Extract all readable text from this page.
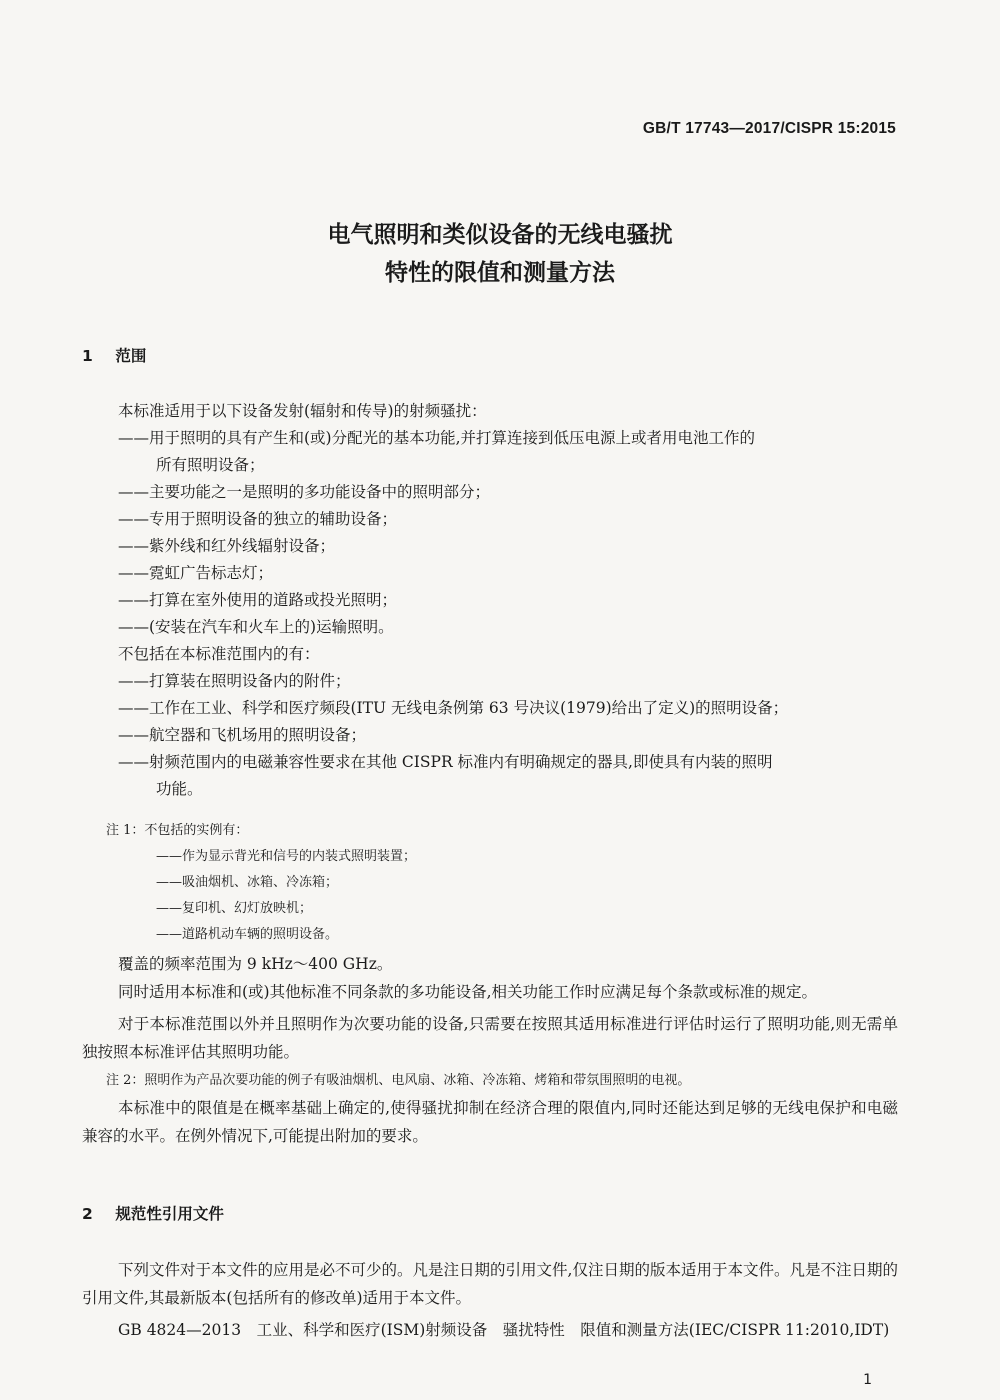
GB/T 17743—2017/CISPR 15:2015
电气照明和类似设备的无线电骚扰
特性的限值和测量方法
1 范围
本标准适用于以下设备发射(辐射和传导)的射频骚扰：
——用于照明的具有产生和(或)分配光的基本功能,并打算连接到低压电源上或者用电池工作的
所有照明设备；
——主要功能之一是照明的多功能设备中的照明部分；
——专用于照明设备的独立的辅助设备；
——紫外线和红外线辐射设备；
——霓虹广告标志灯；
——打算在室外使用的道路或投光照明；
——(安装在汽车和火车上的)运输照明。
不包括在本标准范围内的有：
——打算装在照明设备内的附件；
——工作在工业、科学和医疗频段(ITU 无线电条例第 63 号决议(1979)给出了定义)的照明设备；
——航空器和飞机场用的照明设备；
——射频范围内的电磁兼容性要求在其他 CISPR 标准内有明确规定的器具,即使具有内装的照明
功能。
注 1：不包括的实例有：
——作为显示背光和信号的内装式照明装置；
——吸油烟机、冰箱、冷冻箱；
——复印机、幻灯放映机；
——道路机动车辆的照明设备。
覆盖的频率范围为 9 kHz～400 GHz。

同时适用本标准和(或)其他标准不同条款的多功能设备,相关功能工作时应满足每个条款或标准的规定。

对于本标准范围以外并且照明作为次要功能的设备,只需要在按照其适用标准进行评估时运行了照明功能,则无需单独按照本标准评估其照明功能。

注 2：照明作为产品次要功能的例子有吸油烟机、电风扇、冰箱、冷冻箱、烤箱和带氛围照明的电视。

本标准中的限值是在概率基础上确定的,使得骚扰抑制在经济合理的限值内,同时还能达到足够的无线电保护和电磁兼容的水平。在例外情况下,可能提出附加的要求。

2 规范性引用文件

下列文件对于本文件的应用是必不可少的。凡是注日期的引用文件,仅注日期的版本适用于本文件。凡是不注日期的引用文件,其最新版本(包括所有的修改单)适用于本文件。

GB 4824—2013　工业、科学和医疗(ISM)射频设备　骚扰特性　限值和测量方法(IEC/CISPR 11:2010,IDT)

1
